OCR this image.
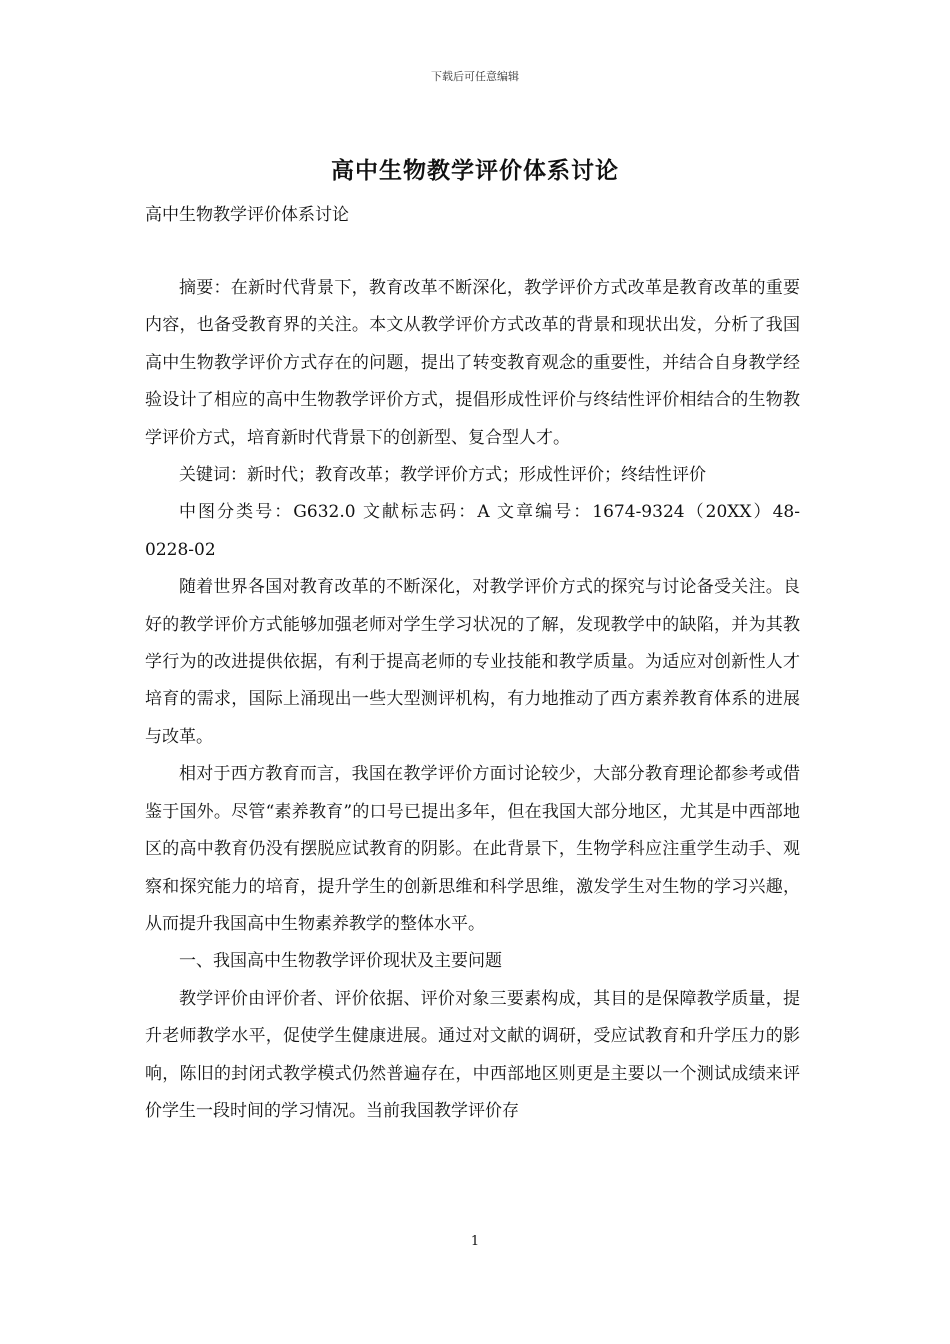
下载后可任意编辑
高中生物教学评价体系讨论
高中生物教学评价体系讨论

摘要：在新时代背景下，教育改革不断深化，教学评价方式改革是教育改革的重要内容，也备受教育界的关注。本文从教学评价方式改革的背景和现状出发，分析了我国高中生物教学评价方式存在的问题，提出了转变教育观念的重要性，并结合自身教学经验设计了相应的高中生物教学评价方式，提倡形成性评价与终结性评价相结合的生物教学评价方式，培育新时代背景下的创新型、复合型人才。

关键词：新时代；教育改革；教学评价方式；形成性评价；终结性评价

中图分类号：G632.0 文献标志码：A 文章编号：1674-9324（20XX）48-0228-02

随着世界各国对教育改革的不断深化，对教学评价方式的探究与讨论备受关注。良好的教学评价方式能够加强老师对学生学习状况的了解，发现教学中的缺陷，并为其教学行为的改进提供依据，有利于提高老师的专业技能和教学质量。为适应对创新性人才培育的需求，国际上涌现出一些大型测评机构，有力地推动了西方素养教育体系的进展与改革。

相对于西方教育而言，我国在教学评价方面讨论较少，大部分教育理论都参考或借鉴于国外。尽管“素养教育”的口号已提出多年，但在我国大部分地区，尤其是中西部地区的高中教育仍没有摆脱应试教育的阴影。在此背景下，生物学科应注重学生动手、观察和探究能力的培育，提升学生的创新思维和科学思维，激发学生对生物的学习兴趣，从而提升我国高中生物素养教学的整体水平。

一、我国高中生物教学评价现状及主要问题

教学评价由评价者、评价依据、评价对象三要素构成，其目的是保障教学质量，提升老师教学水平，促使学生健康进展。通过对文献的调研，受应试教育和升学压力的影响，陈旧的封闭式教学模式仍然普遍存在，中西部地区则更是主要以一个测试成绩来评价学生一段时间的学习情况。当前我国教学评价存

1
